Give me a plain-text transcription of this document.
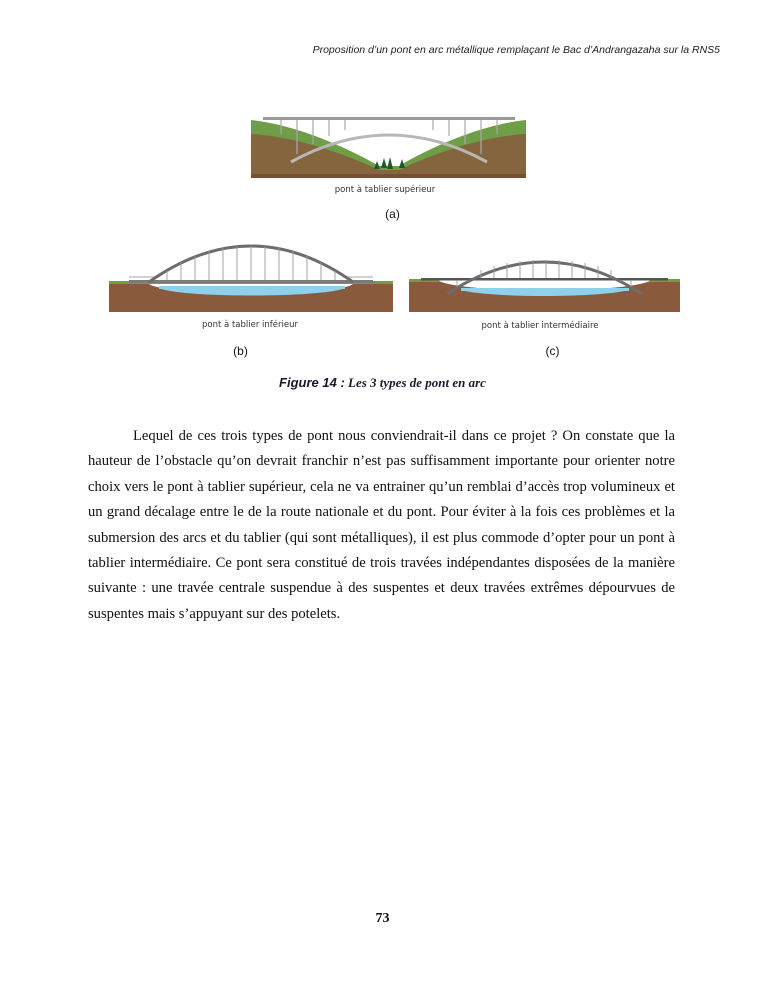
Proposition d’un pont en arc métallique remplaçant le Bac d’Andrangazaha sur la RNS5
pont à tablier supérieur
(a)
pont à tablier inférieur
(b)
pont à tablier intermédiaire
(c)
Figure 14 : Les 3 types de pont en arc

Lequel de ces trois types de pont nous conviendrait-il dans ce projet ? On constate que la hauteur de l’obstacle qu’on devrait franchir n’est pas suffisamment importante pour orienter notre choix vers le pont à tablier supérieur, cela ne va entrainer qu’un remblai d’accès trop volumineux et un grand décalage entre le de la route nationale et du pont. Pour éviter à la fois ces problèmes et la submersion des arcs et du tablier (qui sont métalliques), il est plus commode d’opter pour un pont à tablier intermédiaire. Ce pont sera constitué de trois travées indépendantes disposées de la manière suivante : une travée centrale suspendue à des suspentes et deux travées extrêmes dépourvues de suspentes mais s’appuyant sur des potelets.

73
